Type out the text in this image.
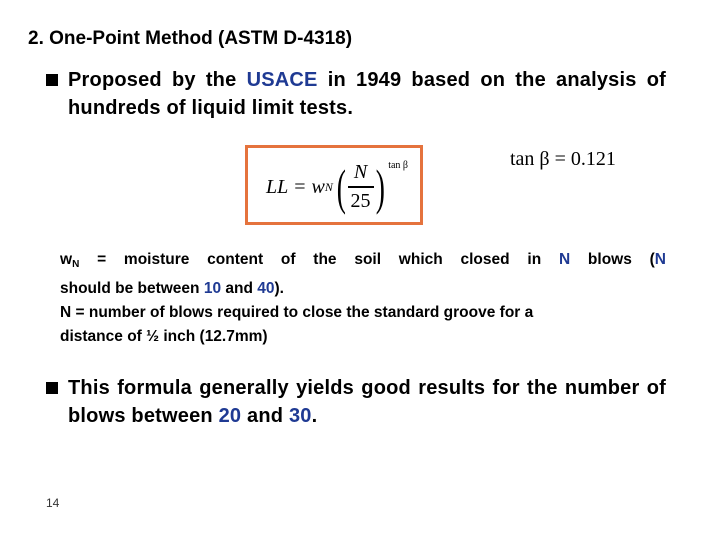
2. One-Point Method (ASTM D-4318)
Proposed by the USACE in 1949 based on the analysis of hundreds of liquid limit tests.
LL = w N ( $\frac{N}{25}$ ) tan β	tan β = 0.121

wN = moisture content of the soil which closed in N blows (N

should be between 10 and 40).

N = number of blows required to close the standard groove for a

distance of ½ inch (12.7mm)

This formula generally yields good results for the number of blows between 20 and 30.
14
